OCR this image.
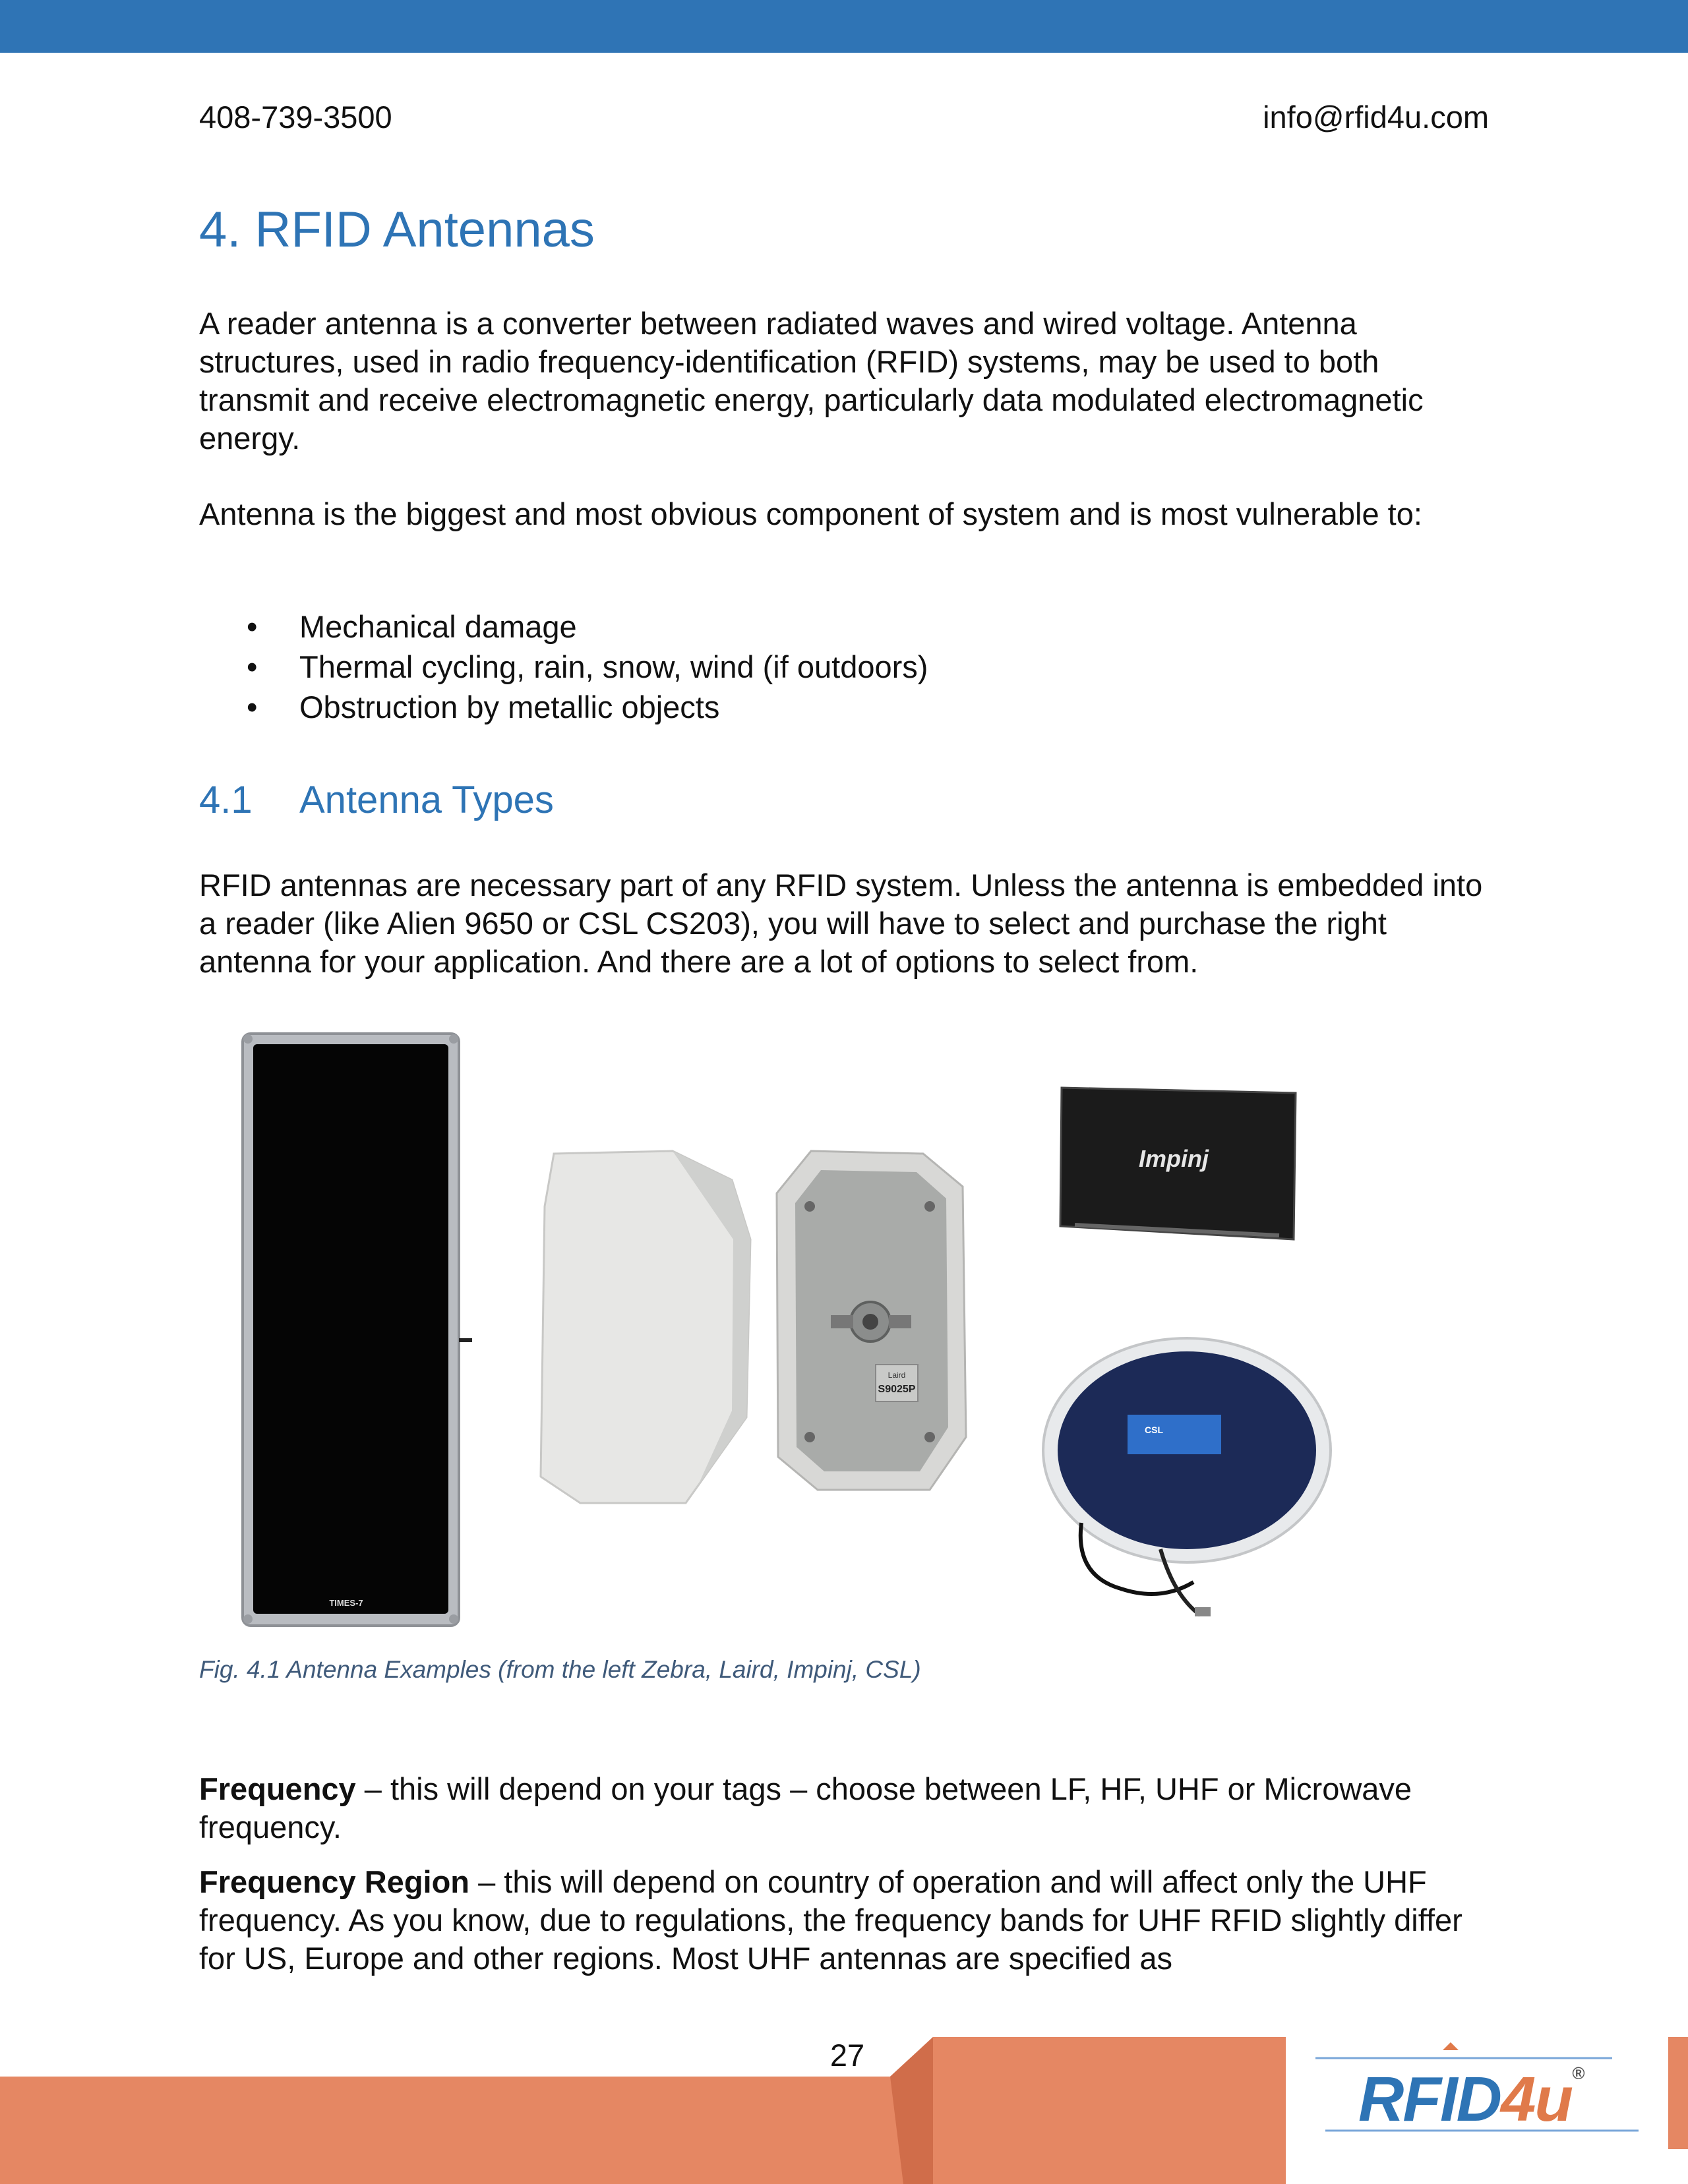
408-739-3500	info@rfid4u.com
4. RFID Antennas

A reader antenna is a converter between radiated waves and wired voltage. Antenna structures, used in radio frequency-identification (RFID) systems, may be used to both transmit and receive electromagnetic energy, particularly data modulated electromagnetic energy.

Antenna is the biggest and most obvious component of system and is most vulnerable to:

• Mechanical damage
• Thermal cycling, rain, snow, wind (if outdoors)
• Obstruction by metallic objects
4.1 Antenna Types

RFID antennas are necessary part of any RFID system. Unless the antenna is embedded into a reader (like Alien 9650 or CSL CS203), you will have to select and purchase the right antenna for your application. And there are a lot of options to select from.

TIMES-7
Laird
S9025P
Impinj
CSL
Fig. 4.1 Antenna Examples (from the left Zebra, Laird, Impinj, CSL)

Frequency – this will depend on your tags – choose between LF, HF, UHF or Microwave frequency.

Frequency Region – this will depend on country of operation and will affect only the UHF frequency. As you know, due to regulations, the frequency bands for UHF RFID slightly differ for US, Europe and other regions. Most UHF antennas are specified as

27
RFID4u®
